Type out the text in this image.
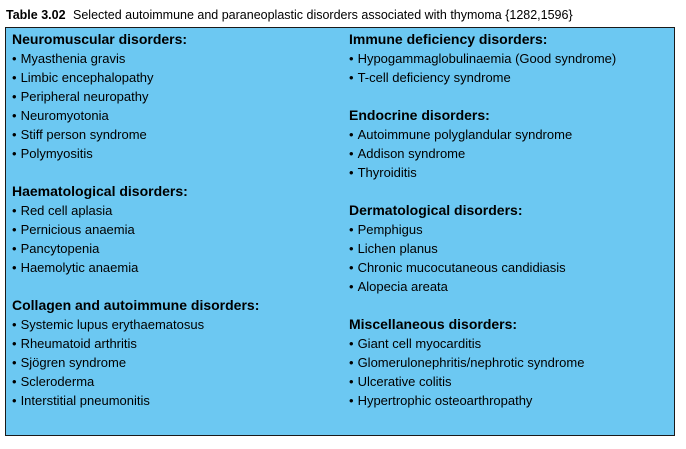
Table 3.02 Selected autoimmune and paraneoplastic disorders associated with thymoma {1282,1596}
Neuromuscular disorders:
• Myasthenia gravis
• Limbic encephalopathy
• Peripheral neuropathy
• Neuromyotonia
• Stiff person syndrome
• Polymyositis
Haematological disorders:
• Red cell aplasia
• Pernicious anaemia
• Pancytopenia
• Haemolytic anaemia
Collagen and autoimmune disorders:
• Systemic lupus erythaematosus
• Rheumatoid arthritis
• Sjögren syndrome
• Scleroderma
• Interstitial pneumonitis
Immune deficiency disorders:
• Hypogammaglobulinaemia (Good syndrome)
• T-cell deficiency syndrome
Endocrine disorders:
• Autoimmune polyglandular syndrome
• Addison syndrome
• Thyroiditis
Dermatological disorders:
• Pemphigus
• Lichen planus
• Chronic mucocutaneous candidiasis
• Alopecia areata
Miscellaneous disorders:
• Giant cell myocarditis
• Glomerulonephritis/nephrotic syndrome
• Ulcerative colitis
• Hypertrophic osteoarthropathy
